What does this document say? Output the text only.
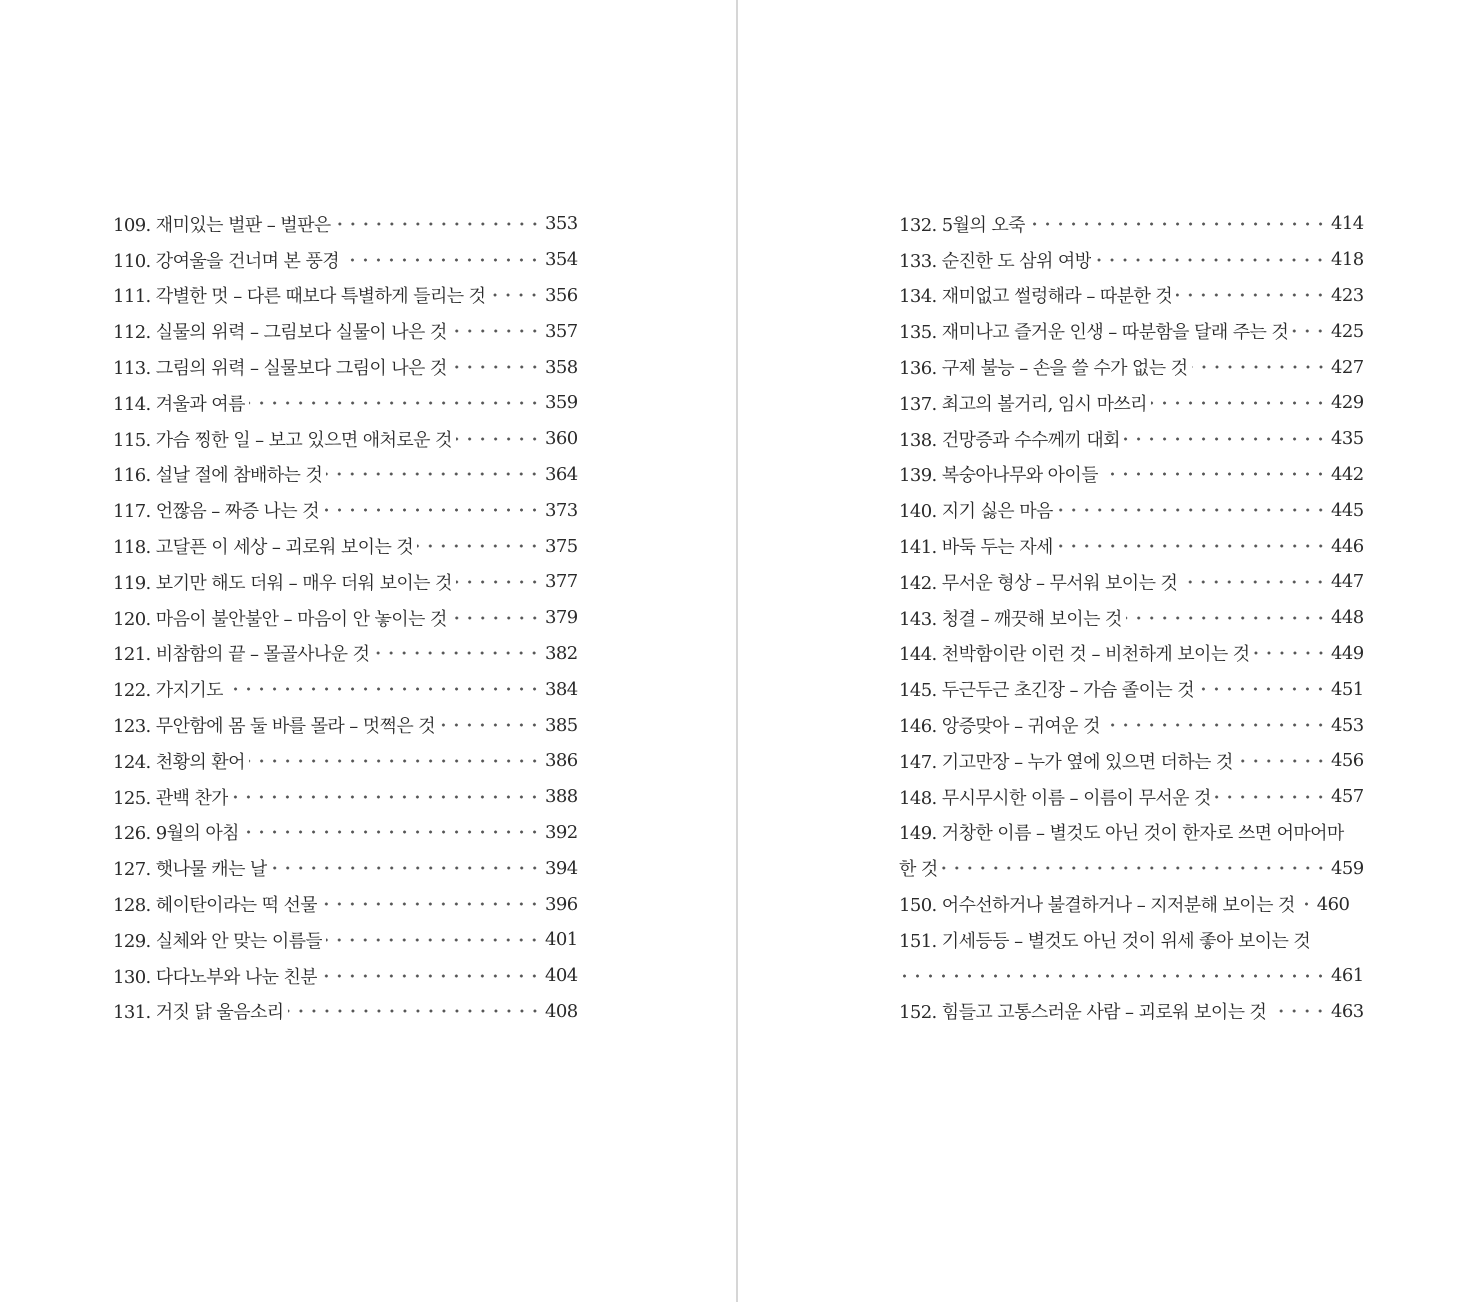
109. 재미있는 벌판 – 벌판은	353
110. 강여울을 건너며 본 풍경	354
111. 각별한 멋 – 다른 때보다 특별하게 들리는 것	356
112. 실물의 위력 – 그림보다 실물이 나은 것	357
113. 그림의 위력 – 실물보다 그림이 나은 것	358
114. 겨울과 여름	359
115. 가슴 찡한 일 – 보고 있으면 애처로운 것	360
116. 설날 절에 참배하는 것	364
117. 언짢음 – 짜증 나는 것	373
118. 고달픈 이 세상 – 괴로워 보이는 것	375
119. 보기만 해도 더워 – 매우 더워 보이는 것	377
120. 마음이 불안불안 – 마음이 안 놓이는 것	379
121. 비참함의 끝 – 몰골사나운 것	382
122. 가지기도	384
123. 무안함에 몸 둘 바를 몰라 – 멋쩍은 것	385
124. 천황의 환어	386
125. 관백 찬가	388
126. 9월의 아침	392
127. 햇나물 캐는 날	394
128. 헤이탄이라는 떡 선물	396
129. 실체와 안 맞는 이름들	401
130. 다다노부와 나눈 친분	404
131. 거짓 닭 울음소리	408
132. 5월의 오죽	414
133. 순진한 도 삼위 여방	418
134. 재미없고 썰렁해라 – 따분한 것	423
135. 재미나고 즐거운 인생 – 따분함을 달래 주는 것 425
136. 구제 불능 – 손을 쓸 수가 없는 것	427
137. 최고의 볼거리, 임시 마쓰리	429
138. 건망증과 수수께끼 대회	435
139. 복숭아나무와 아이들	442
140. 지기 싫은 마음	445
141. 바둑 두는 자세	446
142. 무서운 형상 – 무서워 보이는 것	447
143. 청결 – 깨끗해 보이는 것	448
144. 천박함이란 이런 것 – 비천하게 보이는 것	449
145. 두근두근 초긴장 – 가슴 졸이는 것	451
146. 앙증맞아 – 귀여운 것	453
147. 기고만장 – 누가 옆에 있으면 더하는 것	456
148. 무시무시한 이름 – 이름이 무서운 것	457
149. 거창한 이름 – 별것도 아닌 것이 한자로 쓰면 어마어마
한 것	459
150. 어수선하거나 불결하거나 – 지저분해 보이는 것 460
151. 기세등등 – 별것도 아닌 것이 위세 좋아 보이는 것
461
152. 힘들고 고통스러운 사람 – 괴로워 보이는 것	463
